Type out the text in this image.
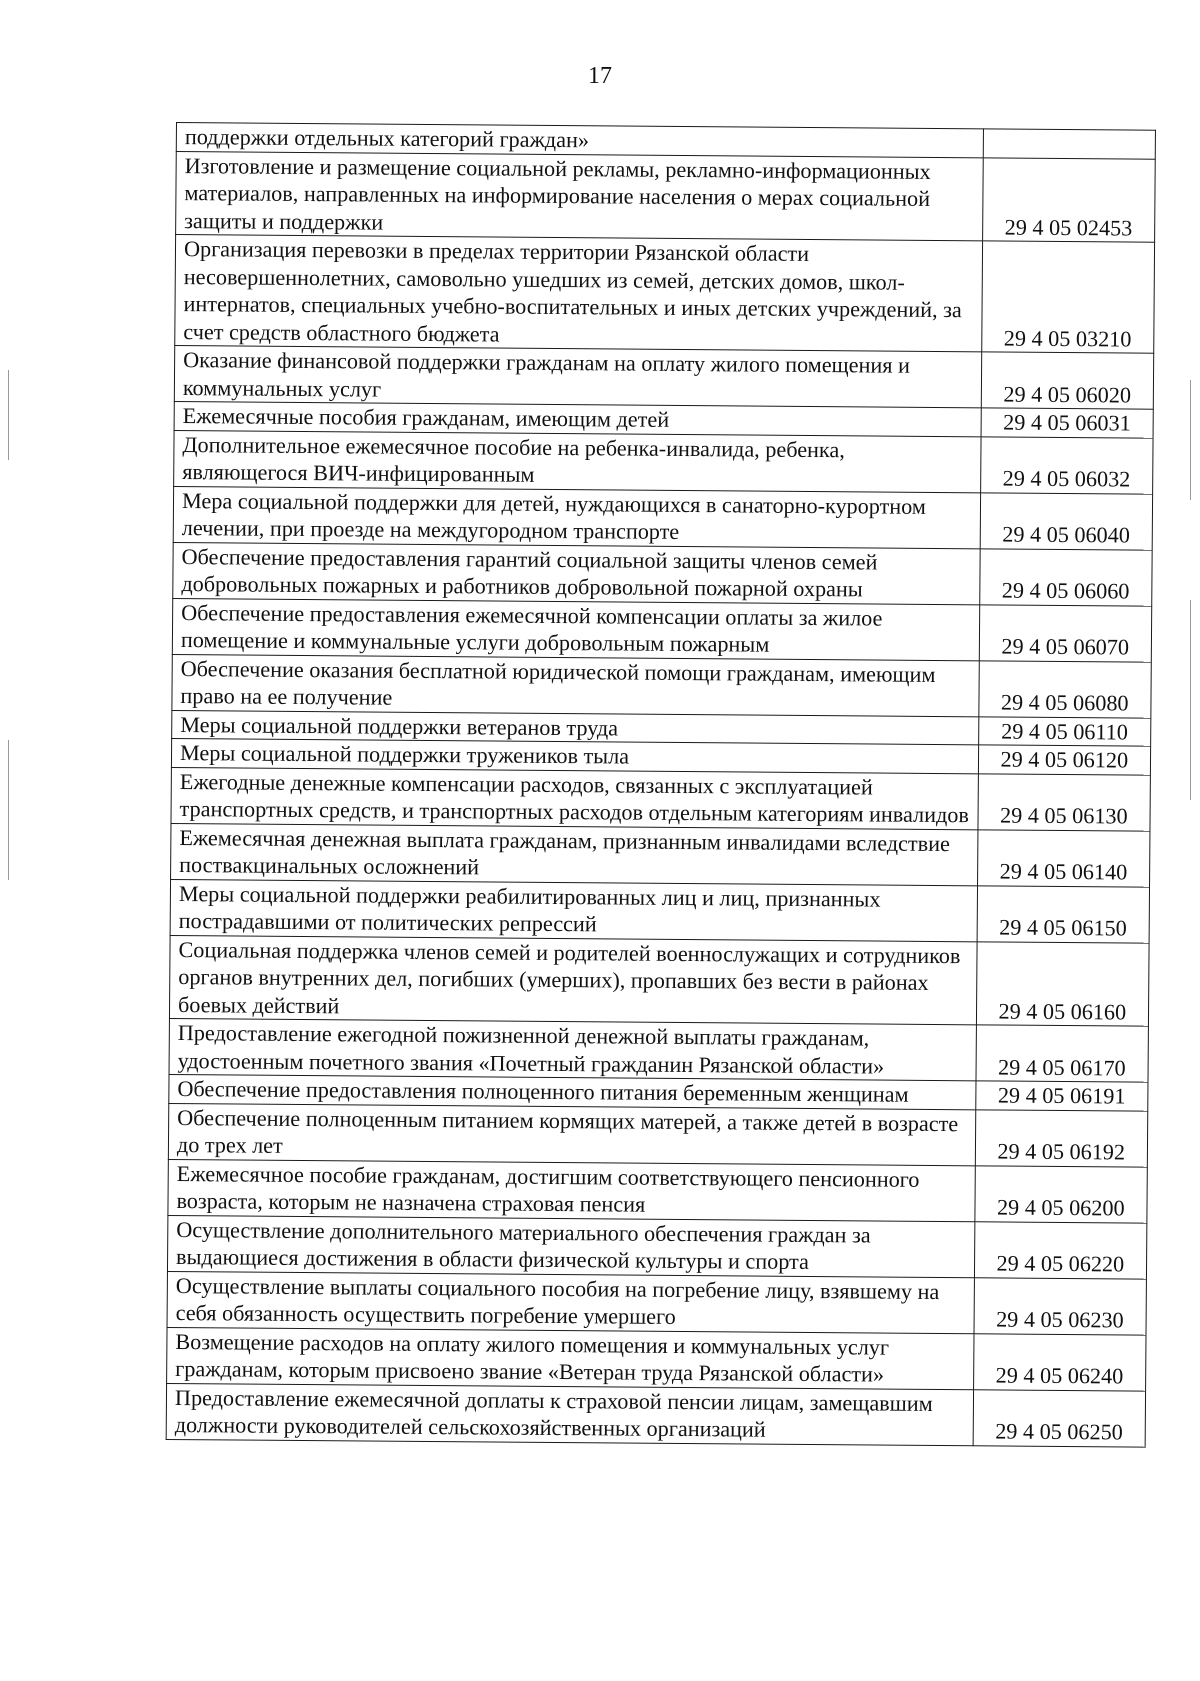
17
поддержки отдельных категорий граждан»	
Изготовление и размещение социальной рекламы, рекламно-информационных материалов, направленных на информирование населения о мерах социальной защиты и поддержки	29 4 05 02453
Организация перевозки в пределах территории Рязанской области несовершеннолетних, самовольно ушедших из семей, детских домов, школ-интернатов, специальных учебно-воспитательных и иных детских учреждений, за счет средств областного бюджета	29 4 05 03210
Оказание финансовой поддержки гражданам на оплату жилого помещения и коммунальных услуг	29 4 05 06020
Ежемесячные пособия гражданам, имеющим детей	29 4 05 06031
Дополнительное ежемесячное пособие на ребенка-инвалида, ребенка, являющегося ВИЧ-инфицированным	29 4 05 06032
Мера социальной поддержки для детей, нуждающихся в санаторно-курортном лечении, при проезде на междугородном транспорте	29 4 05 06040
Обеспечение предоставления гарантий социальной защиты членов семей добровольных пожарных и работников добровольной пожарной охраны	29 4 05 06060
Обеспечение предоставления ежемесячной компенсации оплаты за жилое помещение и коммунальные услуги добровольным пожарным	29 4 05 06070
Обеспечение оказания бесплатной юридической помощи гражданам, имеющим право на ее получение	29 4 05 06080
Меры социальной поддержки ветеранов труда	29 4 05 06110
Меры социальной поддержки тружеников тыла	29 4 05 06120
Ежегодные денежные компенсации расходов, связанных с эксплуатацией транспортных средств, и транспортных расходов отдельным категориям инвалидов	29 4 05 06130
Ежемесячная денежная выплата гражданам, признанным инвалидами вследствие поствакцинальных осложнений	29 4 05 06140
Меры социальной поддержки реабилитированных лиц и лиц, признанных пострадавшими от политических репрессий	29 4 05 06150
Социальная поддержка членов семей и родителей военнослужащих и сотрудников органов внутренних дел, погибших (умерших), пропавших без вести в районах боевых действий	29 4 05 06160
Предоставление ежегодной пожизненной денежной выплаты гражданам, удостоенным почетного звания «Почетный гражданин Рязанской области»	29 4 05 06170
Обеспечение предоставления полноценного питания беременным женщинам	29 4 05 06191
Обеспечение полноценным питанием кормящих матерей, а также детей в возрасте до трех лет	29 4 05 06192
Ежемесячное пособие гражданам, достигшим соответствующего пенсионного возраста, которым не назначена страховая пенсия	29 4 05 06200
Осуществление дополнительного материального обеспечения граждан за выдающиеся достижения в области физической культуры и спорта	29 4 05 06220
Осуществление выплаты социального пособия на погребение лицу, взявшему на себя обязанность осуществить погребение умершего	29 4 05 06230
Возмещение расходов на оплату жилого помещения и коммунальных услуг гражданам, которым присвоено звание «Ветеран труда Рязанской области»	29 4 05 06240
Предоставление ежемесячной доплаты к страховой пенсии лицам, замещавшим должности руководителей сельскохозяйственных организаций	29 4 05 06250
